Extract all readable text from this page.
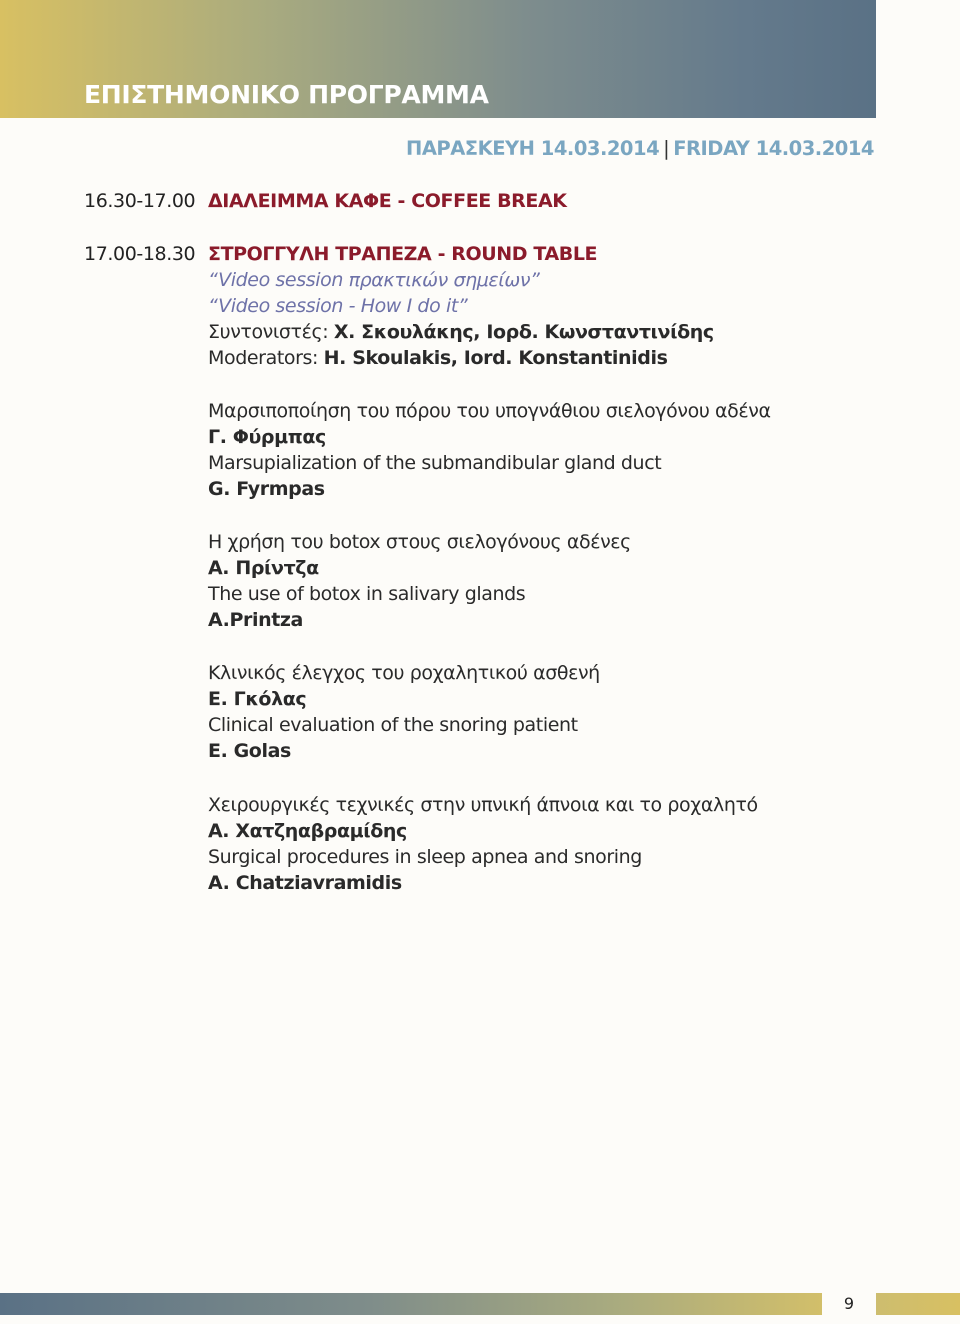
ΕΠΙΣΤΗΜΟΝΙΚΟ ΠΡΟΓΡΑΜΜΑ
ΠΑΡΑΣΚΕΥΗ 14.03.2014 | FRIDAY 14.03.2014
16.30-17.00 ΔΙΑΛΕΙΜΜΑ ΚΑΦΕ - COFFEE BREAK
17.00-18.30 ΣΤΡΟΓΓΥΛΗ ΤΡΑΠΕΖΑ - ROUND TABLE
“Video session πρακτικών σημείων”
“Video session - How I do it”
Συντονιστές: Χ. Σκουλάκης, Ιορδ. Κωνσταντινίδης
Moderators: H. Skoulakis, Iord. Konstantinidis
Μαρσιποποίηση του πόρου του υπογνάθιου σιελογόνου αδένα
Γ. Φύρμπας
Marsupialization of the submandibular gland duct
G. Fyrmpas
Η χρήση του botox στους σιελογόνους αδένες
Α. Πρίντζα
The use of botox in salivary glands
A.Printza
Κλινικός έλεγχος του ροχαλητικού ασθενή
Ε. Γκόλας
Clinical evaluation of the snoring patient
E. Golas
Χειρουργικές τεχνικές στην υπνική άπνοια και το ροχαλητό
Α. Χατζηαβραμίδης
Surgical procedures in sleep apnea and snoring
A. Chatziavramidis
9
